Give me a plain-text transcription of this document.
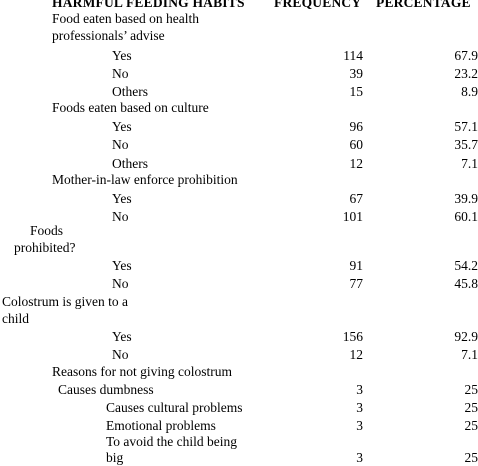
HARMFUL FEEDING HABITS FREQUENCY PERCENTAGE
Food eaten based on health
professionals’ advise
Yes	114	67.9
No	39	23.2
Others	15	8.9
Foods eaten based on culture
Yes	96	57.1
No	60	35.7
Others	12	7.1
Mother-in-law enforce prohibition
Yes	67	39.9
No	101	60.1
Foods
prohibited?
Yes	91	54.2
No	77	45.8
Colostrum is given to a
child
Yes	156	92.9
No	12	7.1
Reasons for not giving colostrum
Causes dumbness	3	25
Causes cultural problems	3	25
Emotional problems	3	25
To avoid the child being
big	3	25
